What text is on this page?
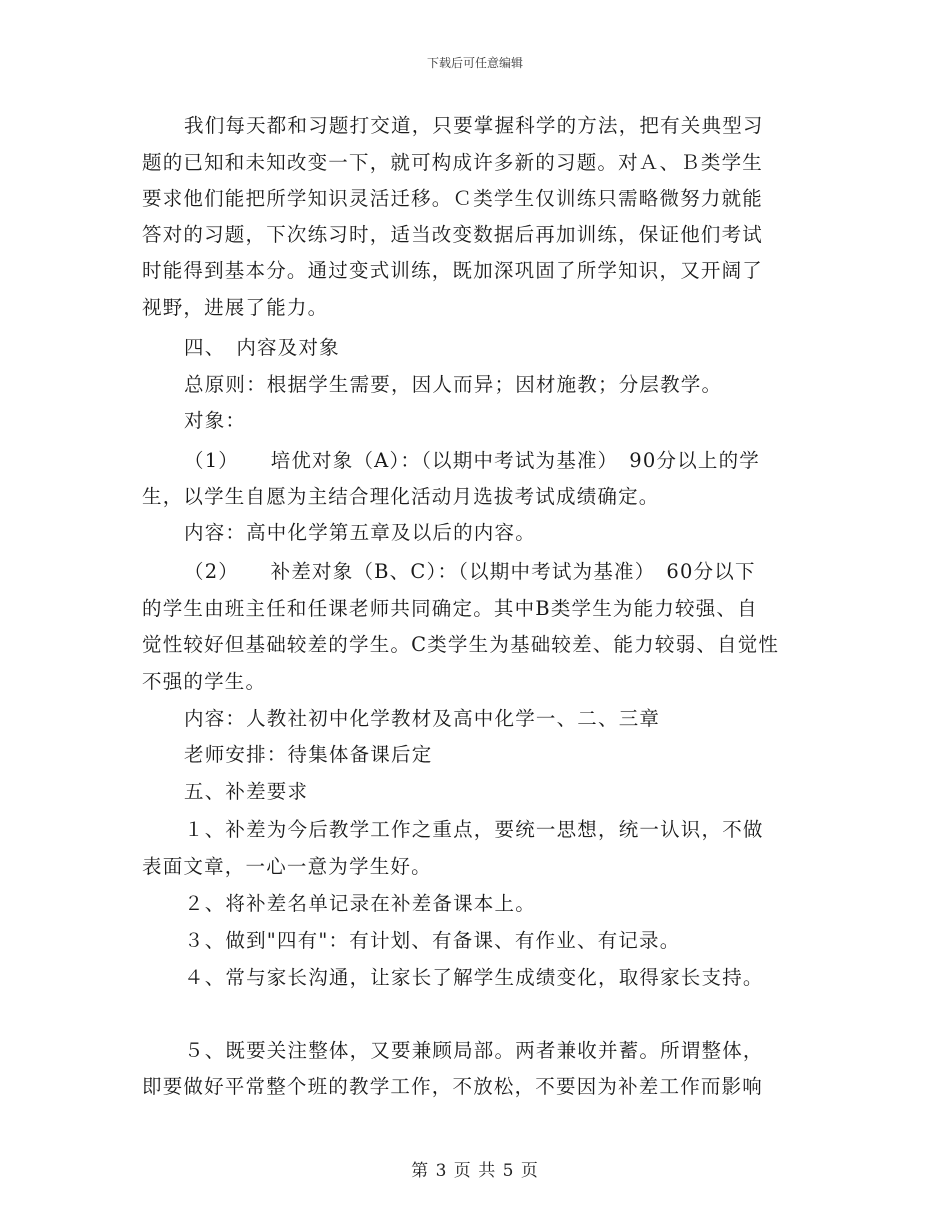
下载后可任意编辑
我们每天都和习题打交道，只要掌握科学的方法，把有关典型习
题的已知和未知改变一下，就可构成许多新的习题。对Ａ、Ｂ类学生
要求他们能把所学知识灵活迁移。Ｃ类学生仅训练只需略微努力就能
答对的习题，下次练习时，适当改变数据后再加训练，保证他们考试
时能得到基本分。通过变式训练，既加深巩固了所学知识，又开阔了
视野，进展了能力。
四、　内容及对象
总原则：根据学生需要，因人而异；因材施教；分层教学。
对象：
（1）　　培优对象（A）：（以期中考试为基准）　90分以上的学
生，以学生自愿为主结合理化活动月选拔考试成绩确定。
内容：高中化学第五章及以后的内容。
（2）　　补差对象（B、C）：（以期中考试为基准）　60分以下
的学生由班主任和任课老师共同确定。其中B类学生为能力较强、自
觉性较好但基础较差的学生。C类学生为基础较差、能力较弱、自觉性
不强的学生。
内容：人教社初中化学教材及高中化学一、二、三章
老师安排：待集体备课后定
五、补差要求
１、补差为今后教学工作之重点，要统一思想，统一认识，不做
表面文章，一心一意为学生好。
２、将补差名单记录在补差备课本上。
３、做到"四有"：有计划、有备课、有作业、有记录。
４、常与家长沟通，让家长了解学生成绩变化，取得家长支持。
５、既要关注整体，又要兼顾局部。两者兼收并蓄。所谓整体，
即要做好平常整个班的教学工作，不放松，不要因为补差工作而影响
第 3 页 共 5 页
